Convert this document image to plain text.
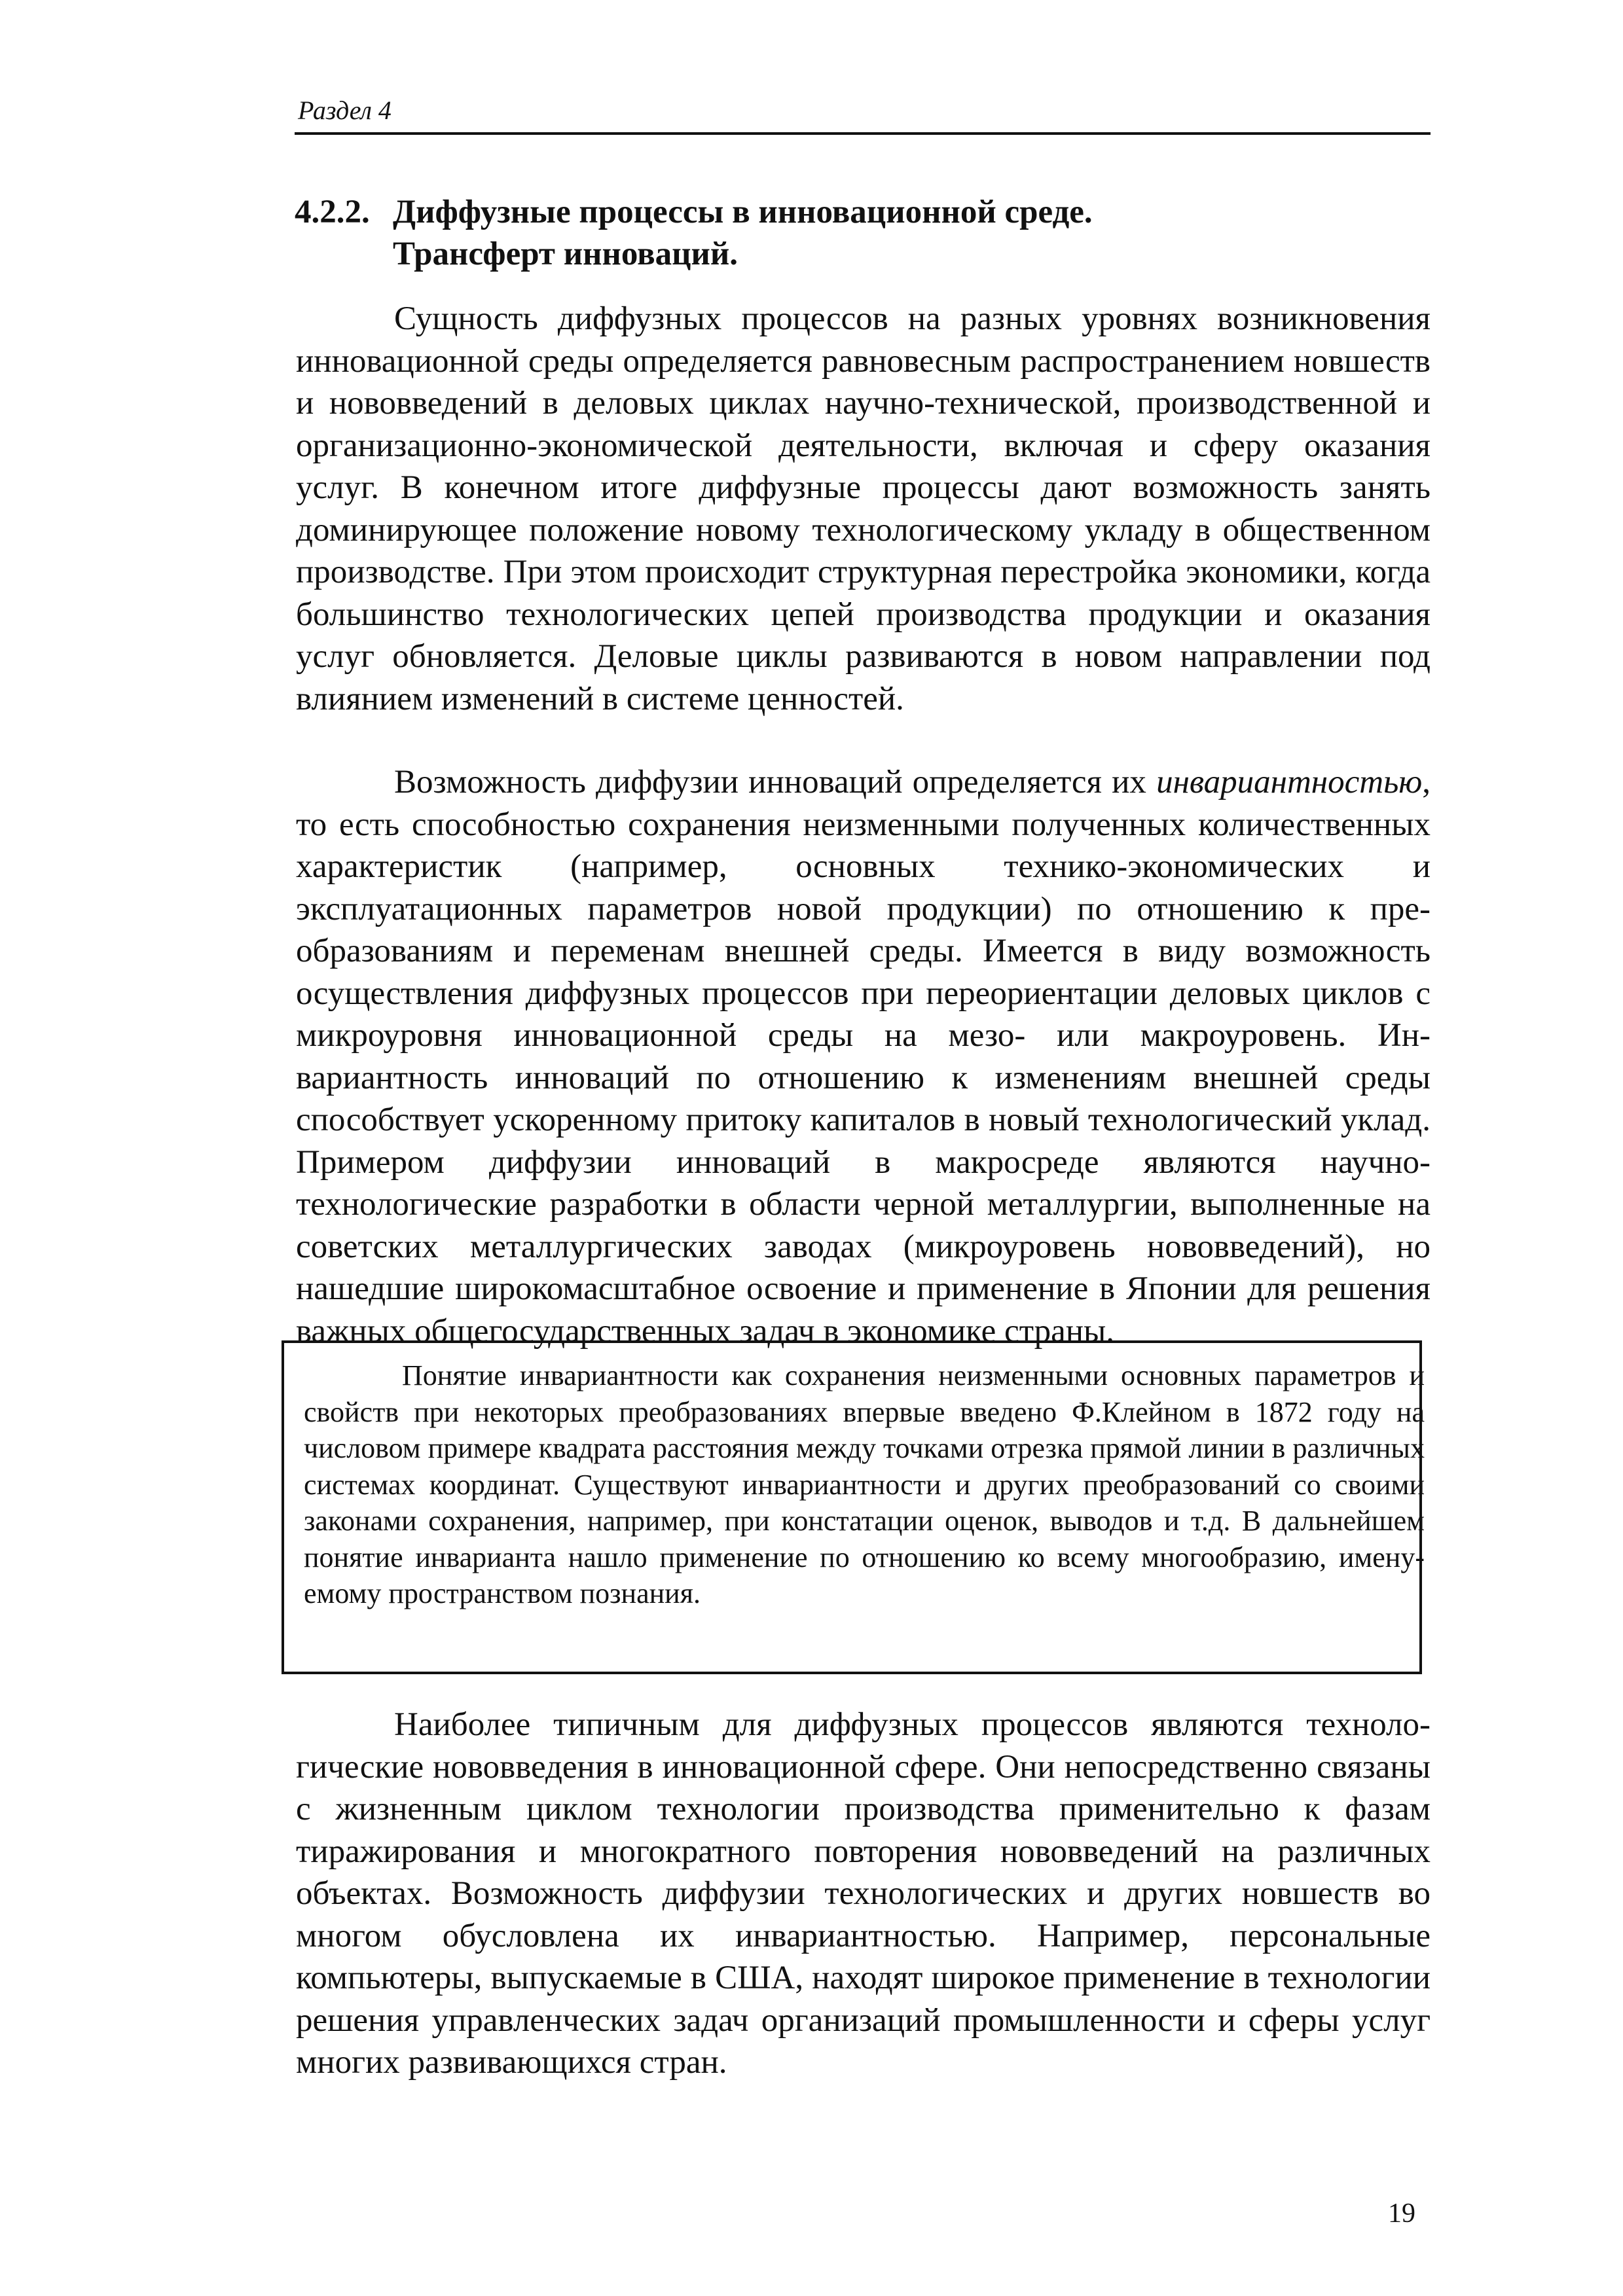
Раздел 4
4.2.2. Диффузные процессы в инновационной среде.
Трансферт инноваций.

Сущность диффузных процессов на разных уровнях возникновения инновационной среды определяется равновесным распространением новшеств и нововведений в деловых циклах научно-технической, производственной и организационно-экономической деятельности, включая и сферу оказания услуг. В конечном итоге диффузные процессы дают возможность занять доминирующее положение новому технологическому укладу в общественном производстве. При этом происходит структурная перестройка экономики, когда большинство технологических цепей производства продукции и оказания услуг обновляется. Деловые циклы развиваются в новом направлении под влиянием изменений в системе ценностей.

Возможность диффузии инноваций определяется их инвариантностью, то есть способностью сохранения неизменными полученных количественных характеристик (например, основных технико-экономических и эксплуатационных параметров новой продукции) по отношению к преобразованиям и переменам внешней среды. Имеется в виду возможность осуществления диффузных процессов при переориентации деловых циклов с микроуровня инновационной среды на мезо- или макроуровень. Инвариантность инноваций по отношению к изменениям внешней среды способствует ускоренному притоку капиталов в новый технологический уклад. Примером диффузии инноваций в макросреде являются научно-технологические разработки в области черной металлургии, выполненные на советских металлургических заводах (микроуровень нововведений), но нашедшие широкомасштабное освоение и применение в Японии для решения важных общегосударственных задач в экономике страны.

Понятие инвариантности как сохранения неизменными основных параметров и свойств при некоторых преобразованиях впервые введено Ф.Клейном в 1872 году на числовом примере квадрата расстояния между точками отрезка прямой линии в различных системах координат. Существуют инвариантности и других преобразований со своими законами сохранения, например, при констатации оценок, выводов и т.д. В дальнейшем понятие инварианта нашло применение по отношению ко всему многообразию, именуемому пространством познания.

Наиболее типичным для диффузных процессов являются технологические нововведения в инновационной сфере. Они непосредственно связаны с жизненным циклом технологии производства применительно к фазам тиражирования и многократного повторения нововведений на различных объектах. Возможность диффузии технологических и других новшеств во многом обусловлена их инвариантностью. Например, персональные компьютеры, выпускаемые в США, находят широкое применение в технологии решения управленческих задач организаций промышленности и сферы услуг многих развивающихся стран.

19
